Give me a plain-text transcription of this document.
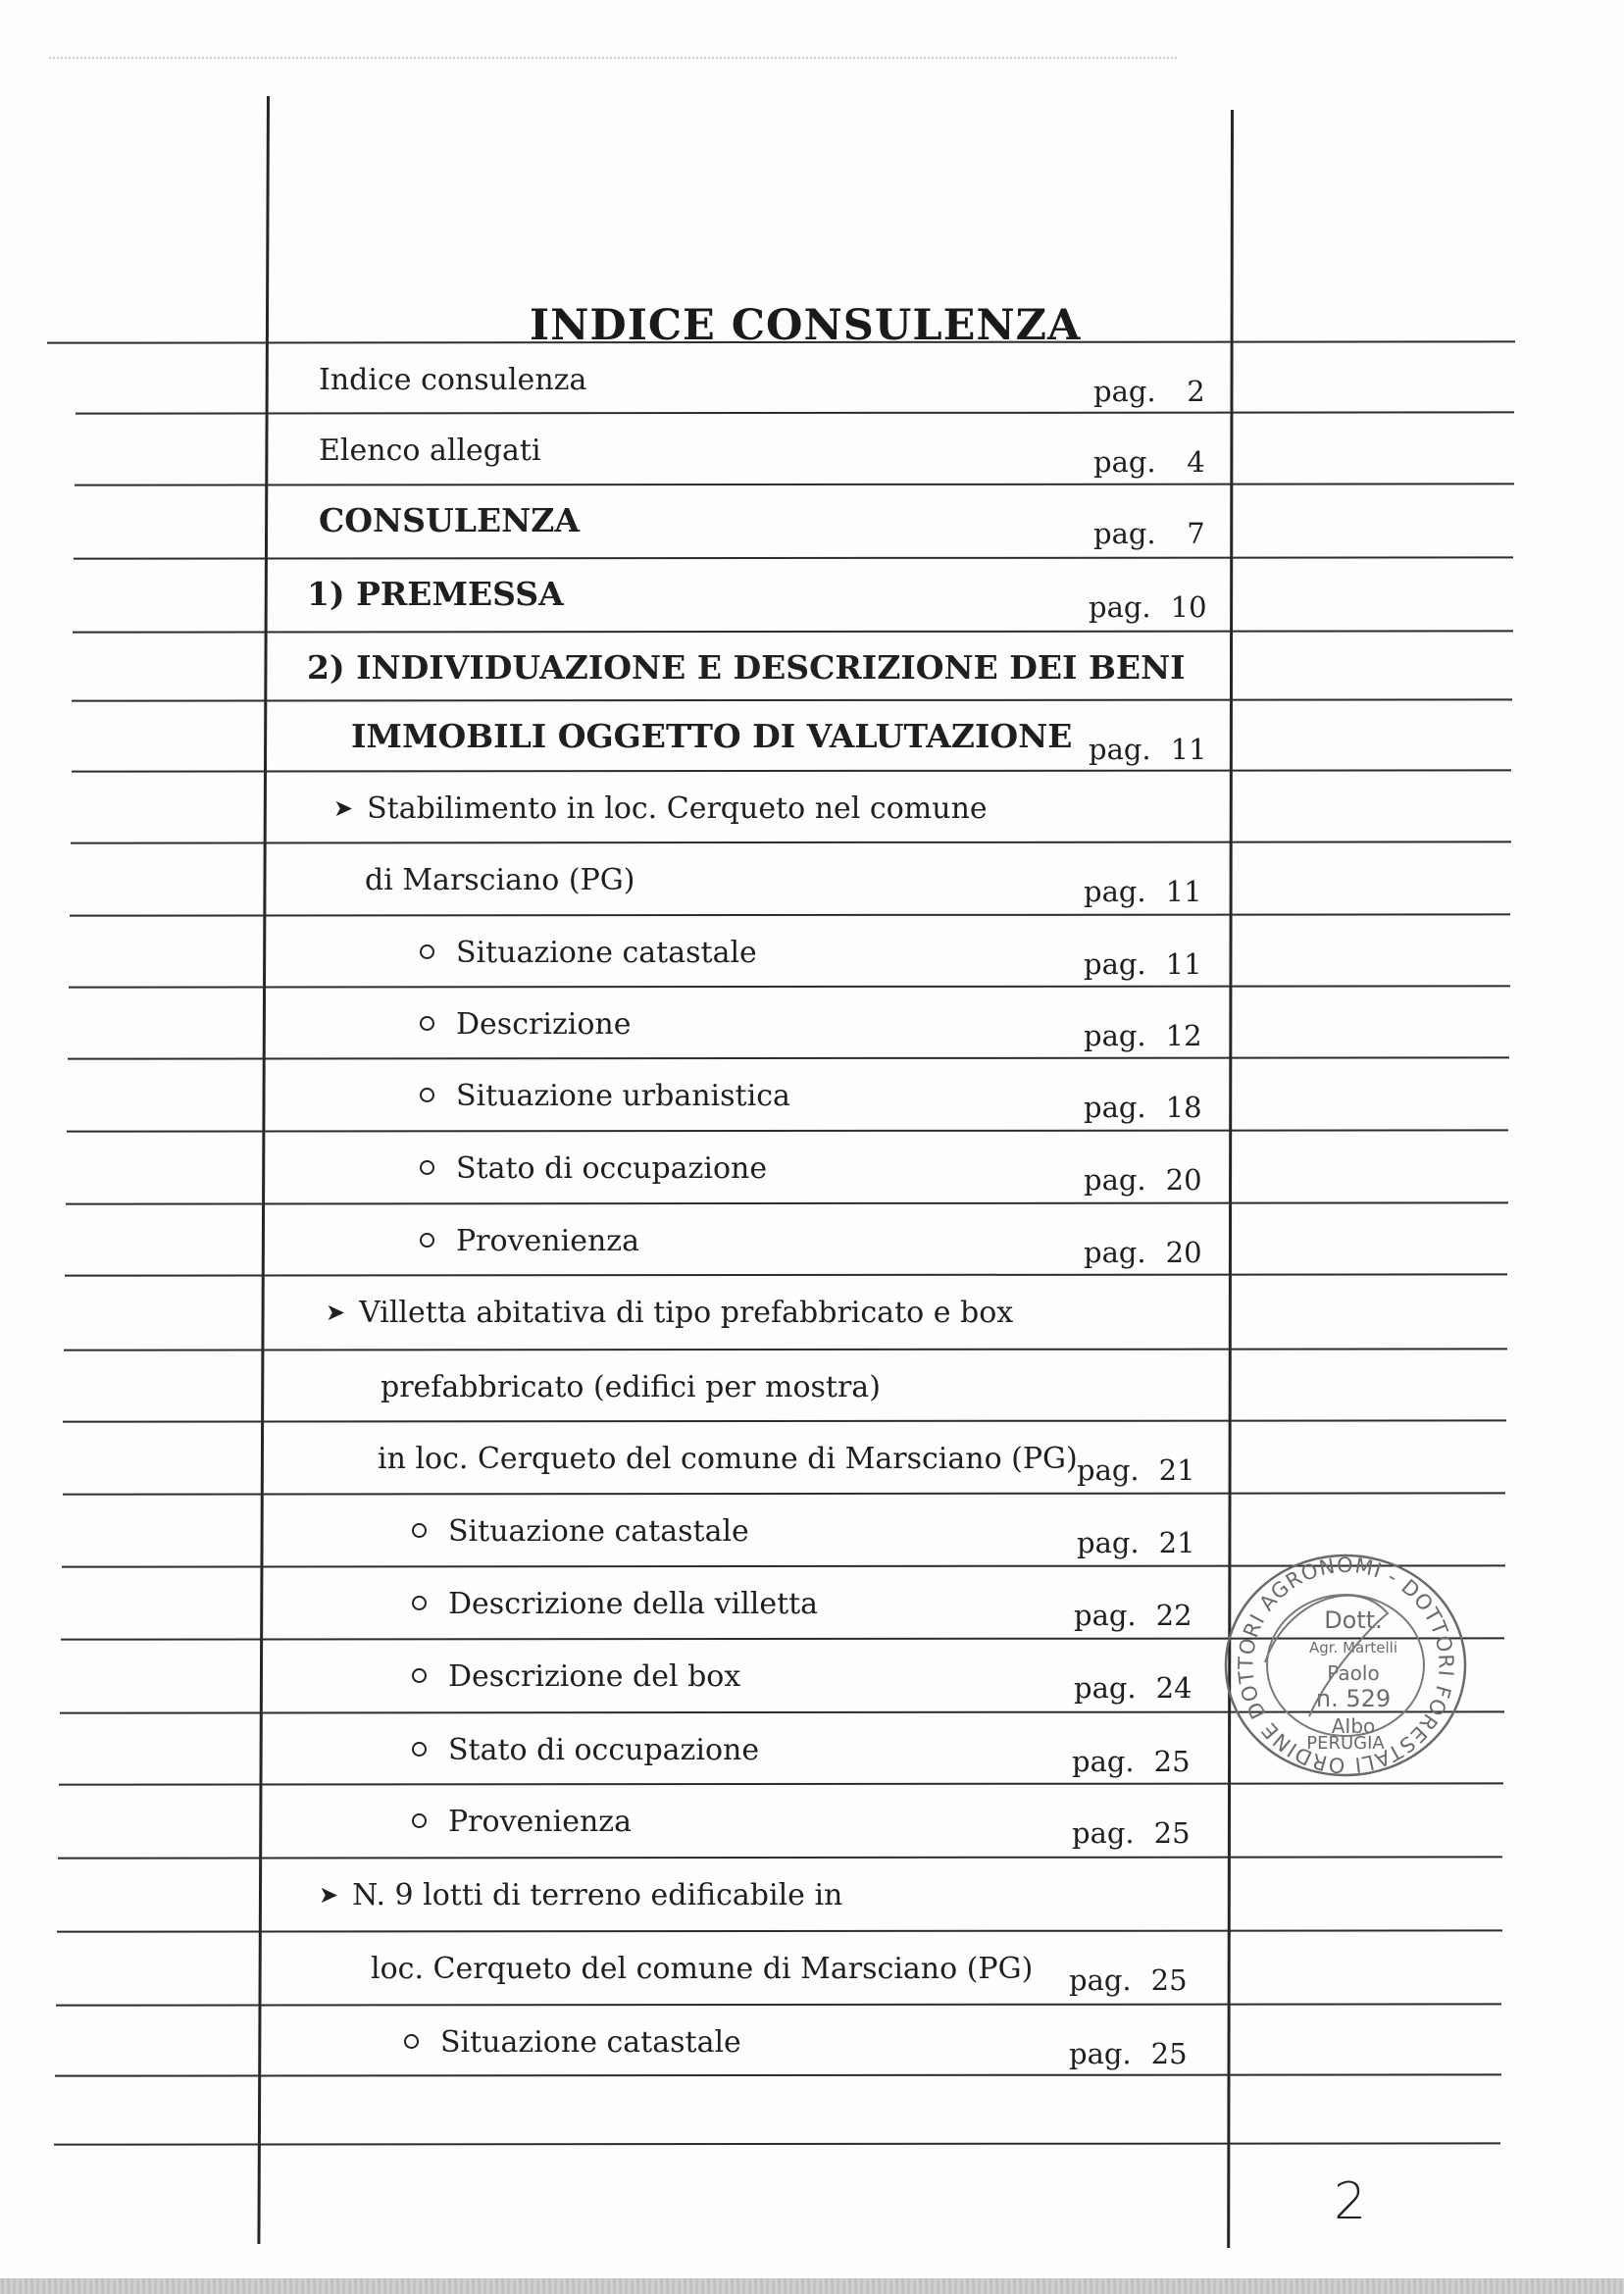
INDICE CONSULENZA
Indice consulenza	pag. 2
Elenco allegati	pag. 4
CONSULENZA	pag. 7
1) PREMESSA	pag. 10
2) INDIVIDUAZIONE E DESCRIZIONE DEI BENI
IMMOBILI OGGETTO DI VALUTAZIONE pag. 11
➤ Stabilimento in loc. Cerqueto nel comune
di Marsciano (PG)	pag. 11
Situazione catastale	pag. 11
Descrizione	pag. 12
Situazione urbanistica	pag. 18
Stato di occupazione	pag. 20
Provenienza	pag. 20
➤ Villetta abitativa di tipo prefabbricato e box
prefabbricato (edifici per mostra)
in loc. Cerqueto del comune di Marsciano (PG) pag. 21
Situazione catastale	pag. 21
Descrizione della villetta	pag. 22
Descrizione del box	pag. 24
Stato di occupazione	pag. 25
Provenienza	pag. 25
➤ N. 9 lotti di terreno edificabile in
loc. Cerqueto del comune di Marsciano (PG) pag. 25
Situazione catastale	pag. 25
ORDINE DOTTORI AGRONOMI - DOTTORI FORESTALI
PERUGIA
Dott.
Agr. Martelli
Paolo
n. 529
AIbo
2
